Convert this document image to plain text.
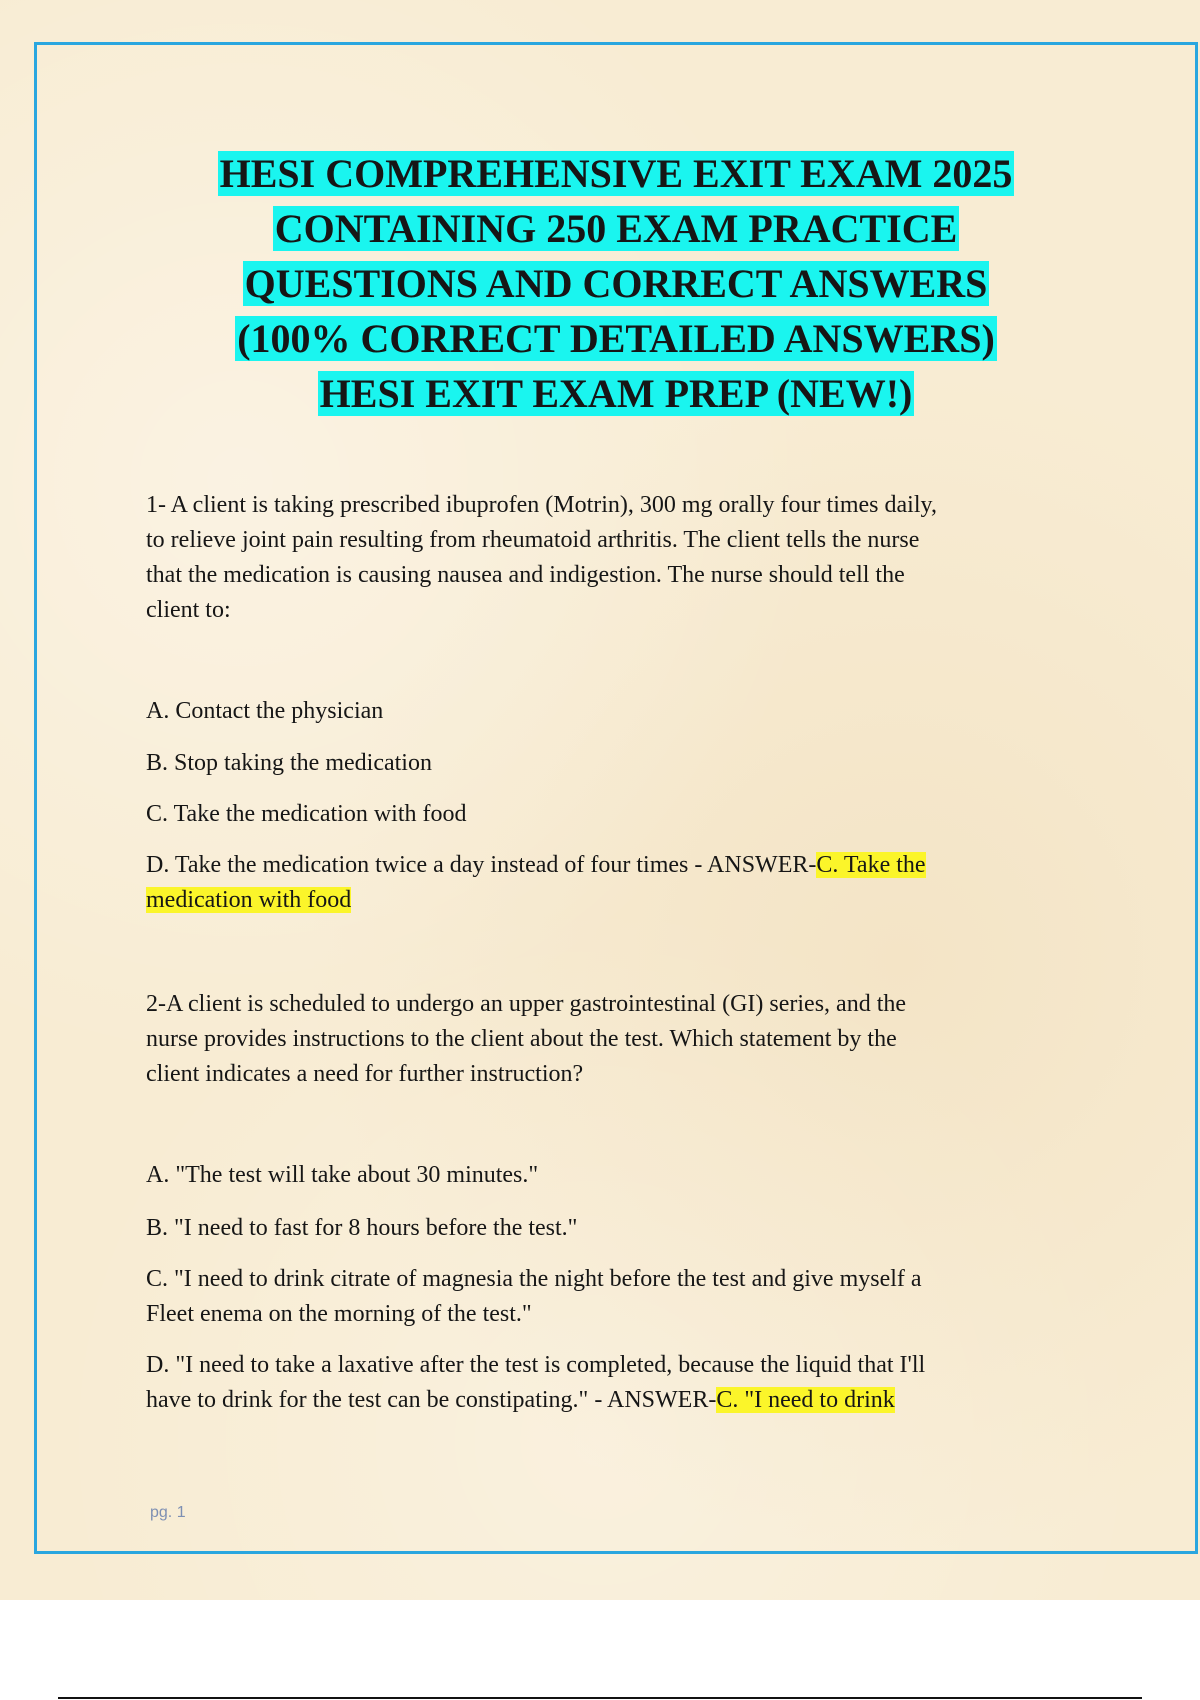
HESI COMPREHENSIVE EXIT EXAM 2025
CONTAINING 250 EXAM PRACTICE
QUESTIONS AND CORRECT ANSWERS
(100% CORRECT DETAILED ANSWERS)
HESI EXIT EXAM PREP (NEW!)
1- A client is taking prescribed ibuprofen (Motrin), 300 mg orally four times daily,
to relieve joint pain resulting from rheumatoid arthritis. The client tells the nurse
that the medication is causing nausea and indigestion. The nurse should tell the
client to:
A. Contact the physician
B. Stop taking the medication
C. Take the medication with food
D. Take the medication twice a day instead of four times - ANSWER-C. Take the
medication with food
2-A client is scheduled to undergo an upper gastrointestinal (GI) series, and the
nurse provides instructions to the client about the test. Which statement by the
client indicates a need for further instruction?
A. "The test will take about 30 minutes."
B. "I need to fast for 8 hours before the test."
C. "I need to drink citrate of magnesia the night before the test and give myself a
Fleet enema on the morning of the test."
D. "I need to take a laxative after the test is completed, because the liquid that I'll
have to drink for the test can be constipating." - ANSWER-C. "I need to drink
pg. 1
